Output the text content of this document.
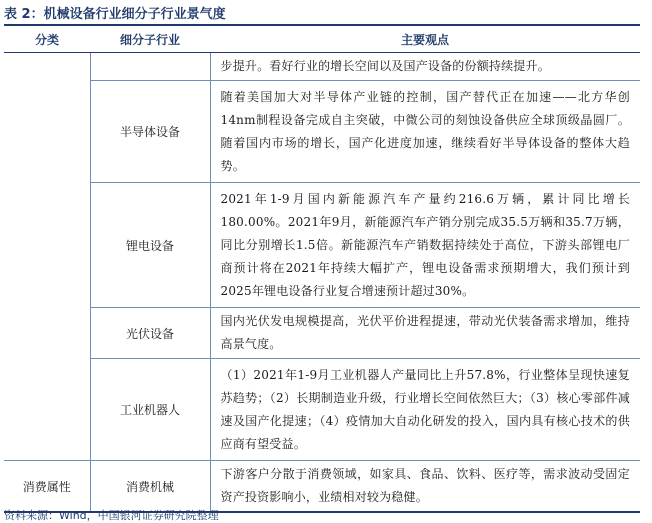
表 2：机械设备行业细分子行业景气度
分类	细分子行业	主要观点
		步提升。看好行业的增长空间以及国产设备的份额持续提升。
	半导体设备	随着美国加大对半导体产业链的控制，国产替代正在加速——北方华创14nm制程设备完成自主突破，中微公司的刻蚀设备供应全球顶级晶圆厂。随着国内市场的增长，国产化进度加速，继续看好半导体设备的整体大趋势。
	锂电设备	2021年1-9月国内新能源汽车产量约216.6万辆，累计同比增长180.00%。2021年9月，新能源汽车产销分别完成35.5万辆和35.7万辆，同比分别增长1.5倍。新能源汽车产销数据持续处于高位，下游头部锂电厂商预计将在2021年持续大幅扩产，锂电设备需求预期增大，我们预计到2025年锂电设备行业复合增速预计超过30%。
	光伏设备	国内光伏发电规模提高，光伏平价进程提速，带动光伏装备需求增加，维持高景气度。
	工业机器人	（1）2021年1-9月工业机器人产量同比上升57.8%，行业整体呈现快速复苏趋势；（2）长期制造业升级，行业增长空间依然巨大；（3）核心零部件减速及国产化提速；（4）疫情加大自动化研发的投入，国内具有核心技术的供应商有望受益。
消费属性	消费机械	下游客户分散于消费领域，如家具、食品、饮料、医疗等，需求波动受固定资产投资影响小，业绩相对较为稳健。
资料来源：Wind，中国银河证券研究院整理
